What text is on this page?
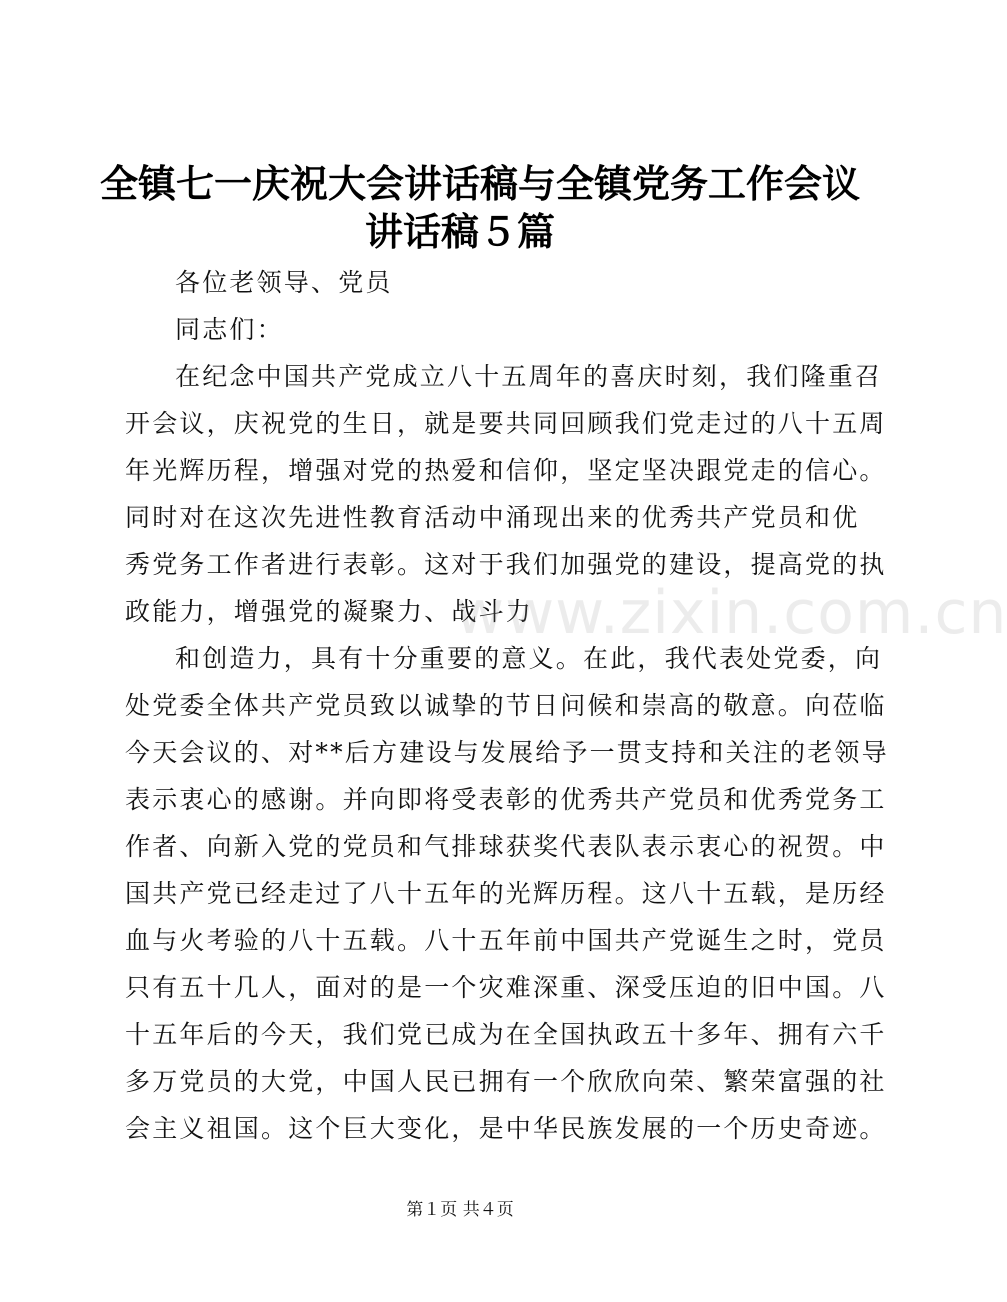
全镇七一庆祝大会讲话稿与全镇党务工作会议
讲话稿５篇
各位老领导、党员
同志们：
在纪念中国共产党成立八十五周年的喜庆时刻，我们隆重召
开会议，庆祝党的生日，就是要共同回顾我们党走过的八十五周
年光辉历程，增强对党的热爱和信仰，坚定坚决跟党走的信心。
同时对在这次先进性教育活动中涌现出来的优秀共产党员和优
秀党务工作者进行表彰。这对于我们加强党的建设，提高党的执
政能力，增强党的凝聚力、战斗力
www.zixin.com.cn
和创造力，具有十分重要的意义。在此，我代表处党委，向
处党委全体共产党员致以诚挚的节日问候和崇高的敬意。向莅临
今天会议的、对**后方建设与发展给予一贯支持和关注的老领导
表示衷心的感谢。并向即将受表彰的优秀共产党员和优秀党务工
作者、向新入党的党员和气排球获奖代表队表示衷心的祝贺。中
国共产党已经走过了八十五年的光辉历程。这八十五载，是历经
血与火考验的八十五载。八十五年前中国共产党诞生之时，党员
只有五十几人，面对的是一个灾难深重、深受压迫的旧中国。八
十五年后的今天，我们党已成为在全国执政五十多年、拥有六千
多万党员的大党，中国人民已拥有一个欣欣向荣、繁荣富强的社
会主义祖国。这个巨大变化，是中华民族发展的一个历史奇迹。
第１页 共４页
